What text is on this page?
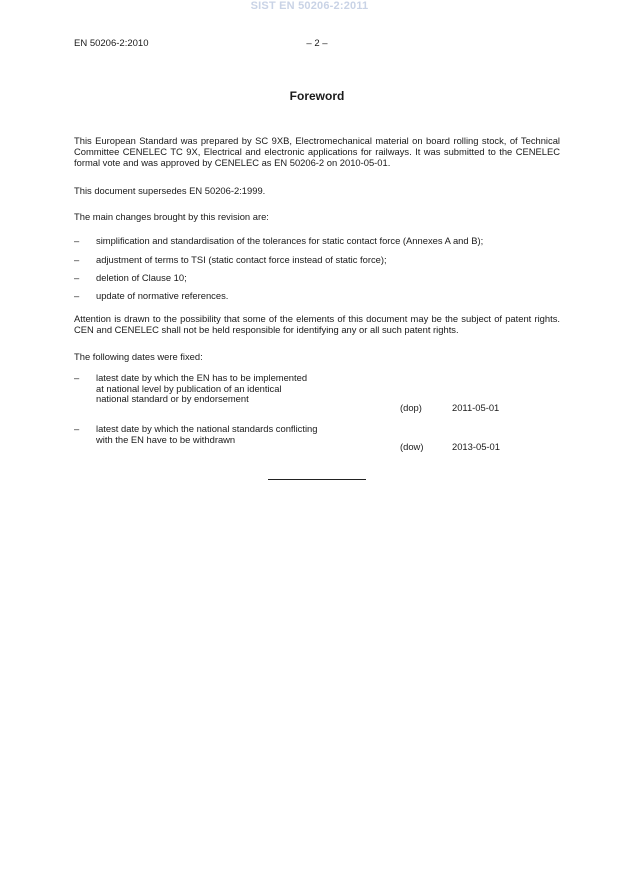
SIST EN 50206-2:2011
EN 50206-2:2010	– 2 –
Foreword
This European Standard was prepared by SC 9XB, Electromechanical material on board rolling stock, of Technical Committee CENELEC TC 9X, Electrical and electronic applications for railways. It was submitted to the CENELEC formal vote and was approved by CENELEC as EN 50206-2 on 2010-05-01.
This document supersedes EN 50206-2:1999.
The main changes brought by this revision are:
– simplification and standardisation of the tolerances for static contact force (Annexes A and B);
– adjustment of terms to TSI (static contact force instead of static force);
– deletion of Clause 10;
– update of normative references.
Attention is drawn to the possibility that some of the elements of this document may be the subject of patent rights. CEN and CENELEC shall not be held responsible for identifying any or all such patent rights.
The following dates were fixed:
– latest date by which the EN has to be implemented
at national level by publication of an identical
national standard or by endorsement
(dop)	2011-05-01
– latest date by which the national standards conflicting
with the EN have to be withdrawn
(dow)	2013-05-01
